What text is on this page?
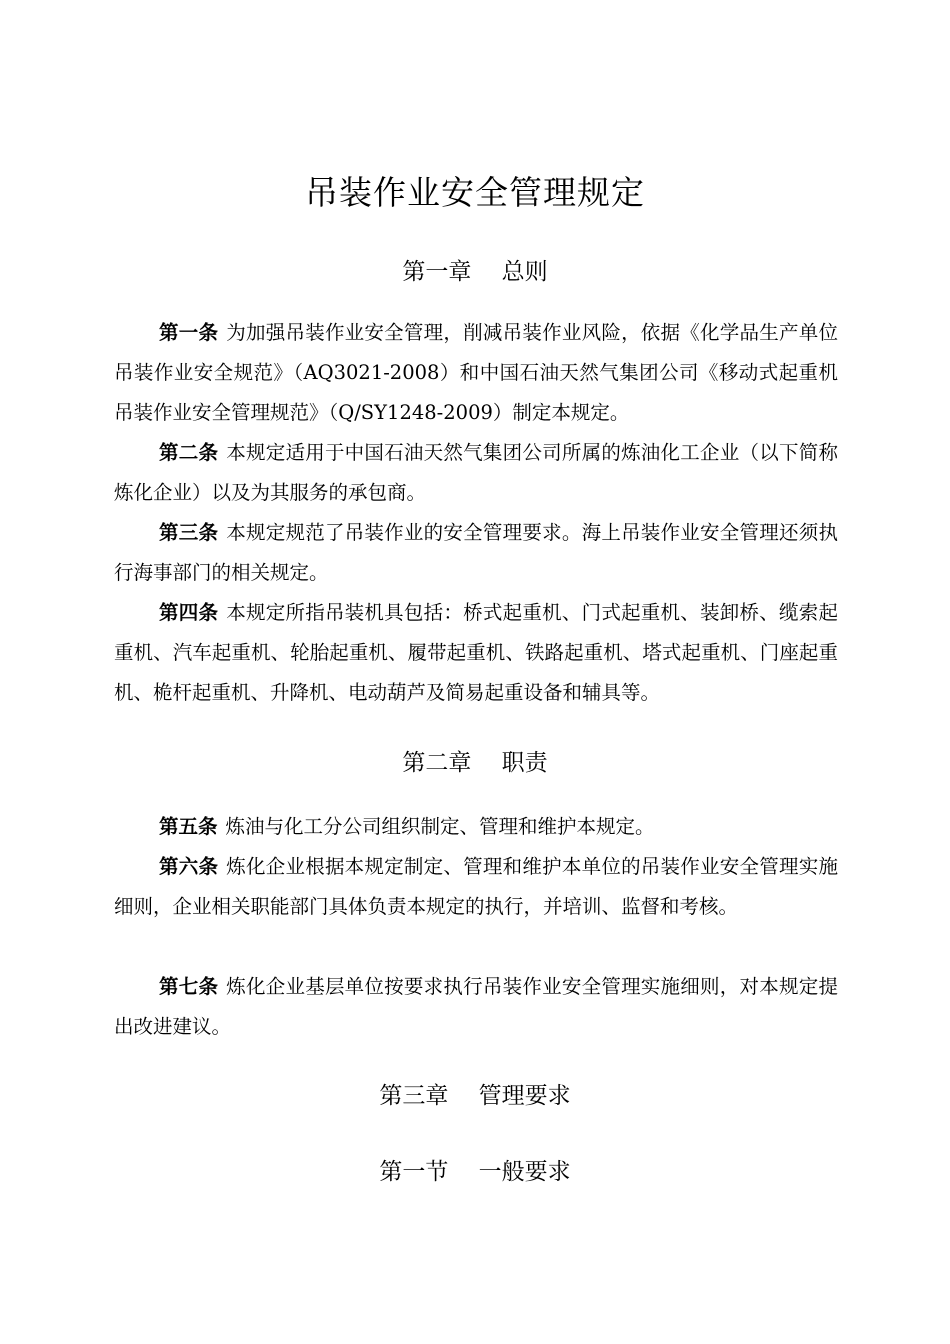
吊装作业安全管理规定
第一章　 总则

第一条 为加强吊装作业安全管理，削减吊装作业风险，依据《化学品生产单位吊装作业安全规范》（AQ3021-2008）和中国石油天然气集团公司《移动式起重机吊装作业安全管理规范》（Q/SY1248-2009）制定本规定。

第二条 本规定适用于中国石油天然气集团公司所属的炼油化工企业（以下简称炼化企业）以及为其服务的承包商。

第三条 本规定规范了吊装作业的安全管理要求。海上吊装作业安全管理还须执行海事部门的相关规定。

第四条 本规定所指吊装机具包括：桥式起重机、门式起重机、装卸桥、缆索起重机、汽车起重机、轮胎起重机、履带起重机、铁路起重机、塔式起重机、门座起重机、桅杆起重机、升降机、电动葫芦及简易起重设备和辅具等。

第二章　 职责

第五条 炼油与化工分公司组织制定、管理和维护本规定。

第六条 炼化企业根据本规定制定、管理和维护本单位的吊装作业安全管理实施细则，企业相关职能部门具体负责本规定的执行，并培训、监督和考核。

第七条 炼化企业基层单位按要求执行吊装作业安全管理实施细则，对本规定提出改进建议。

第三章　 管理要求
第一节　 一般要求
